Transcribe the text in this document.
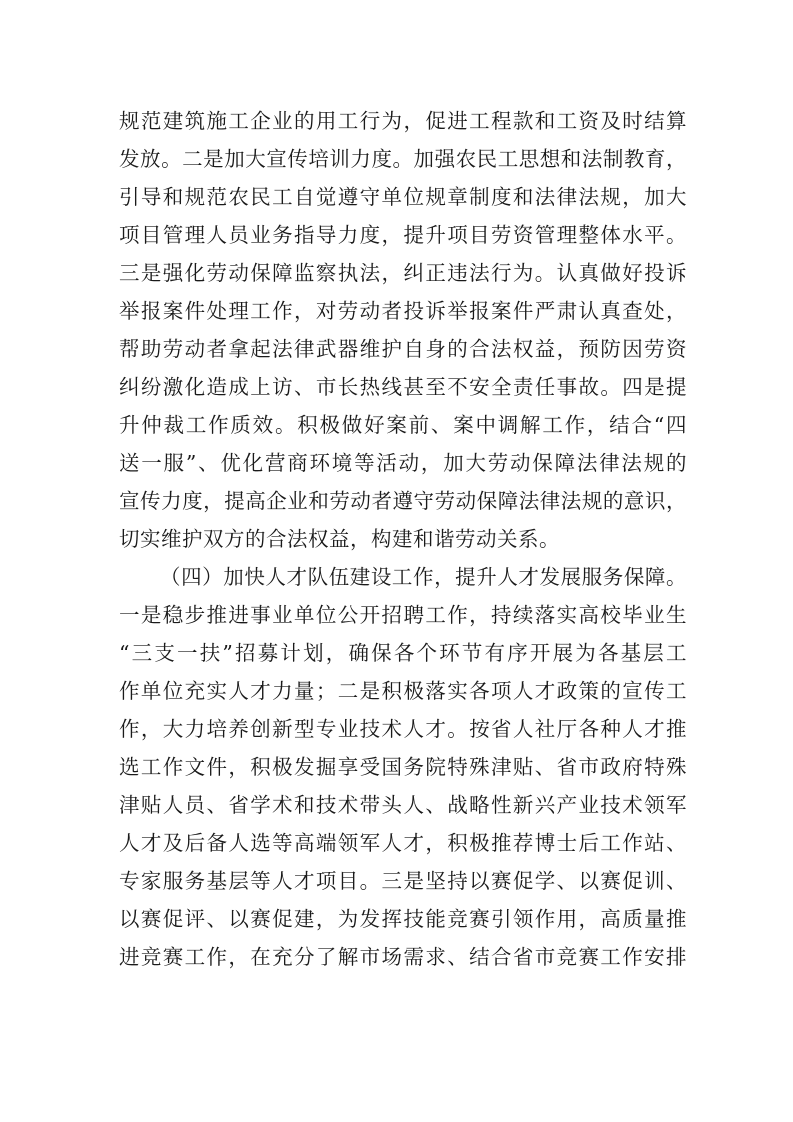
规范建筑施工企业的用工行为，促进工程款和工资及时结算
发放。二是加大宣传培训力度。加强农民工思想和法制教育，
引导和规范农民工自觉遵守单位规章制度和法律法规，加大
项目管理人员业务指导力度，提升项目劳资管理整体水平。
三是强化劳动保障监察执法，纠正违法行为。认真做好投诉
举报案件处理工作，对劳动者投诉举报案件严肃认真查处，
帮助劳动者拿起法律武器维护自身的合法权益，预防因劳资
纠纷激化造成上访、市长热线甚至不安全责任事故。四是提
升仲裁工作质效。积极做好案前、案中调解工作，结合“四
送一服”、优化营商环境等活动，加大劳动保障法律法规的
宣传力度，提高企业和劳动者遵守劳动保障法律法规的意识，
切实维护双方的合法权益，构建和谐劳动关系。
（四）加快人才队伍建设工作，提升人才发展服务保障。
一是稳步推进事业单位公开招聘工作，持续落实高校毕业生
“三支一扶”招募计划，确保各个环节有序开展为各基层工
作单位充实人才力量；二是积极落实各项人才政策的宣传工
作，大力培养创新型专业技术人才。按省人社厅各种人才推
选工作文件，积极发掘享受国务院特殊津贴、省市政府特殊
津贴人员、省学术和技术带头人、战略性新兴产业技术领军
人才及后备人选等高端领军人才，积极推荐博士后工作站、
专家服务基层等人才项目。三是坚持以赛促学、以赛促训、
以赛促评、以赛促建，为发挥技能竞赛引领作用，高质量推
进竞赛工作，在充分了解市场需求、结合省市竞赛工作安排
